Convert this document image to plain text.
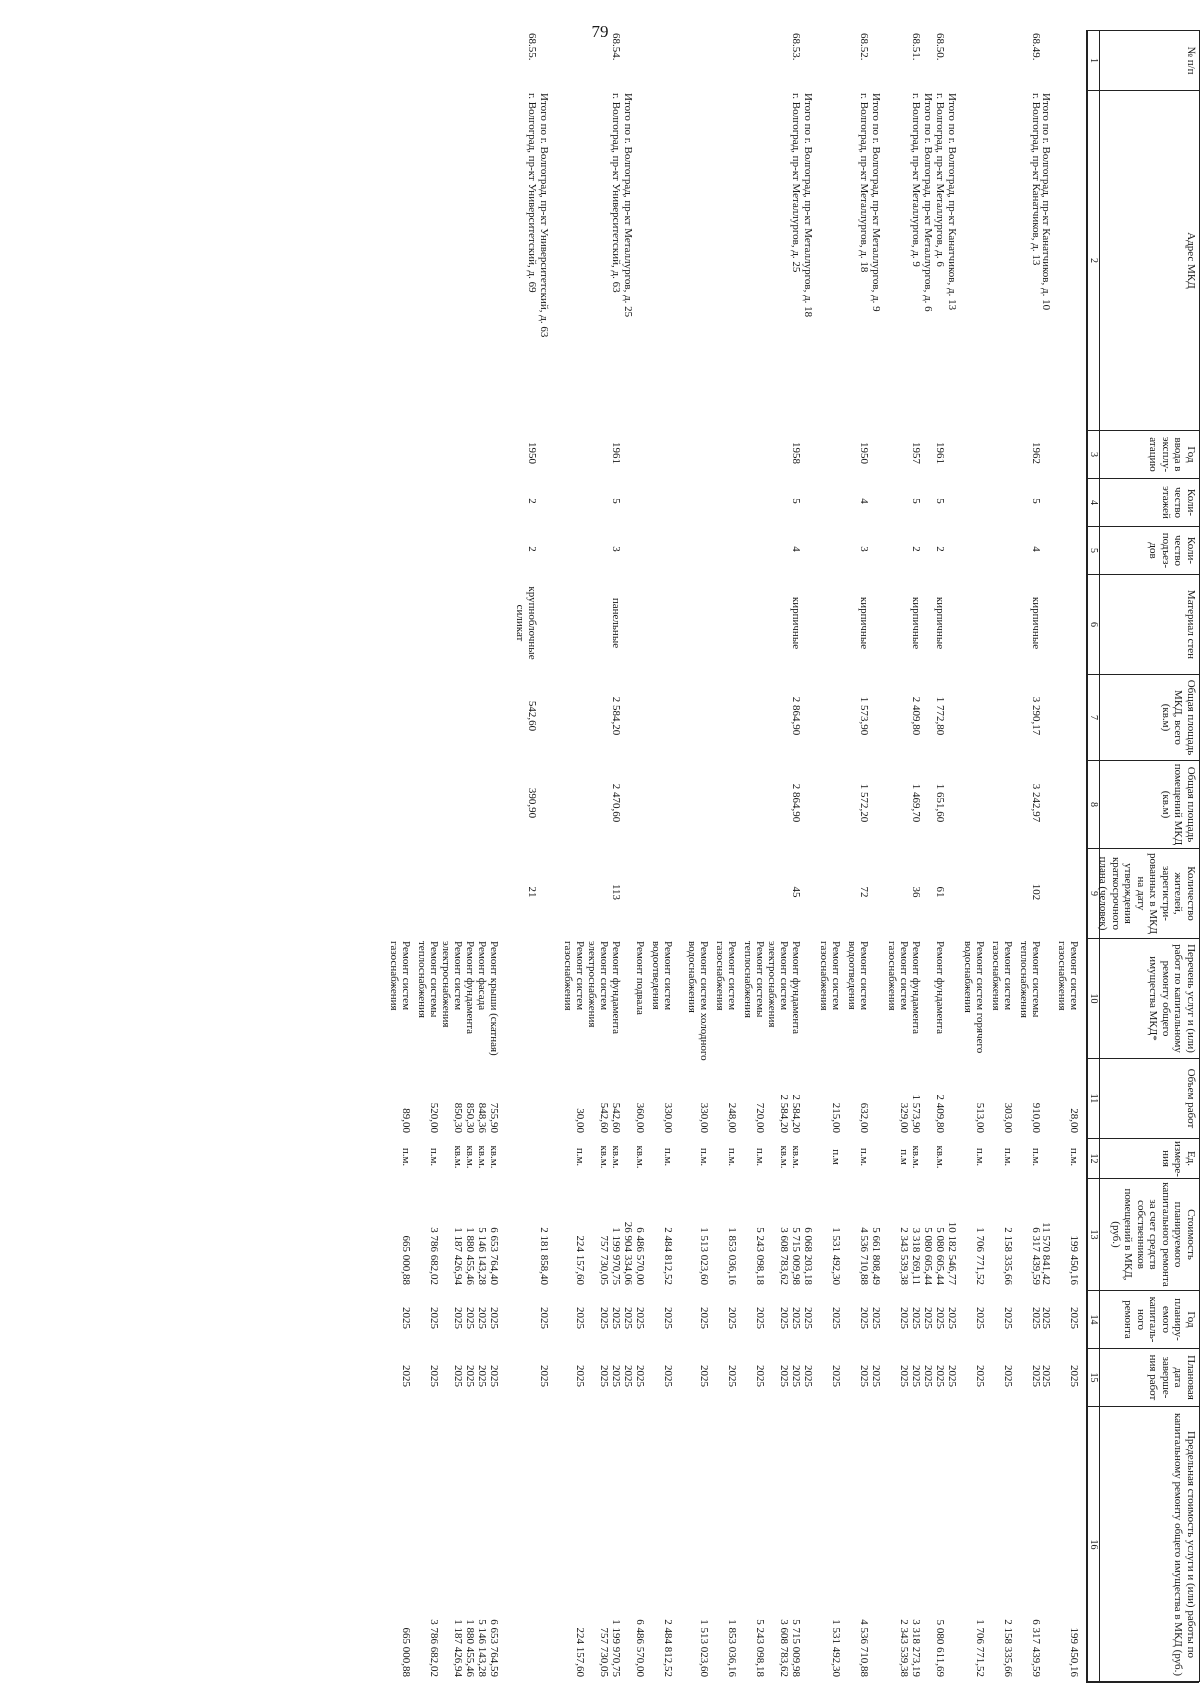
79
№ п/п
1
Адрес МКД
2
Год ввода в эксплу-атацию
3
Коли-чество этажей
4
Коли-чество подъез-дов
5
Материал стен
6
Общая площадь МКД, всего (кв.м)
7
Общая площадь помещений МКД (кв.м)
8
Количество жителей, зарегистри-рованных в МКД на дату утверждения краткосрочного плана (человек)
9
Перечень услуг и (или) работ по капитальному ремонту общего имущества МКД*
10
Объем работ
11
Ед. измере-ния
12
Стоимость планируемого капитального ремонта за счет средств собственников помещений в МКД, (руб.)
13
Год планиру-емого капиталь-ного ремонта
14
Плановая дата заверше-ния работ
15
Предельная стоимость услуги и (или) работы по капитальному ремонту общего имущества в МКД (руб.)
16
Ремонт систем
28,00
п.м.
199 450,16
2025
2025
199 450,16
газоснабжения
Итого по г. Волгоград, пр-кт Канатчиков, д. 10
11 570 841,42
2025
2025
68.49.
г. Волгоград, пр-кт Канатчиков, д. 13
1962
5
4
кирпичные
3 290,17
3 242,97
102
Ремонт системы
910,00
п.м.
6 317 439,59
2025
2025
6 317 439,59
теплоснабжения
Ремонт систем
303,00
п.м.
2 158 335,66
2025
2025
2 158 335,66
газоснабжения
Ремонт систем горячего
513,00
п.м.
1 706 771,52
2025
2025
1 706 771,52
водоснабжения
Итого по г. Волгоград, пр-кт Канатчиков, д. 13
10 182 546,77
2025
2025
68.50.
г. Волгоград, пр-кт Металлургов, д. 6
1961
5
2
кирпичные
1 772,80
1 651,60
61
Ремонт фундамента
2 409,80
кв.м.
5 080 605,44
2025
2025
5 080 611,69
Итого по г. Волгоград, пр-кт Металлургов, д. 6
5 080 605,44
2025
2025
68.51.
г. Волгоград, пр-кт Металлургов, д. 9
1957
5
2
кирпичные
2 409,80
1 469,70
36
Ремонт фундамента
1 573,90
кв.м.
3 318 269,11
2025
2025
3 318 273,19
Ремонт систем
329,00
п.м
2 343 539,38
2025
2025
2 343 539,38
газоснабжения
Итого по г. Волгоград, пр-кт Металлургов, д. 9
5 661 808,49
2025
2025
68.52.
г. Волгоград, пр-кт Металлургов, д. 18
1950
4
3
кирпичные
1 573,90
1 572,20
72
Ремонт систем
632,00
п.м.
4 536 710,88
2025
2025
4 536 710,88
водоотведения
Ремонт систем
215,00
п.м
1 531 492,30
2025
2025
1 531 492,30
газоснабжения
Итого по г. Волгоград, пр-кт Металлургов, д. 18
6 068 203,18
2025
2025
68.53.
г. Волгоград, пр-кт Металлургов, д. 25
1958
5
4
кирпичные
2 864,90
2 864,90
45
Ремонт фундамента
2 584,20
кв.м.
5 715 009,98
2025
2025
5 715 009,98
Ремонт систем
2 584,20
кв.м.
3 608 783,62
2025
2025
3 608 783,62
электроснабжения
Ремонт системы
720,00
п.м.
5 243 098,18
2025
2025
5 243 098,18
теплоснабжения
Ремонт систем
248,00
п.м.
1 853 036,16
2025
2025
1 853 036,16
газоснабжения
Ремонт систем холодного
330,00
п.м.
1 513 023,60
2025
2025
1 513 023,60
водоснабжения
Ремонт систем
330,00
п.м.
2 484 812,52
2025
2025
2 484 812,52
водоотведения
Ремонт подвала
360,00
кв.м.
6 486 570,00
2025
2025
6 486 570,00
Итого по г. Волгоград, пр-кт Металлургов, д. 25
26 904 334,06
2025
2025
68.54.
г. Волгоград, пр-кт Университетский, д. 63
1961
5
3
панельные
2 584,20
2 470,60
113
Ремонт фундамента
542,60
кв.м.
1 199 970,75
2025
2025
1 199 970,75
Ремонт систем
542,60
кв.м.
757 730,05
2025
2025
757 730,05
электроснабжения
Ремонт систем
30,00
п.м.
224 157,60
2025
2025
224 157,60
газоснабжения
Итого по г. Волгоград, пр-кт Университетский, д. 63
2 181 858,40
2025
2025
68.55.
г. Волгоград, пр-кт Университетский, д. 69
1950
2
2
крупноблочные
542,60
390,90
21
силикат
Ремонт крыши (скатная)
755,90
кв.м.
6 653 764,40
2025
2025
6 653 764,59
Ремонт фасада
848,36
кв.м.
5 146 143,28
2025
2025
5 146 143,28
Ремонт фундамента
850,30
кв.м.
1 880 455,46
2025
2025
1 880 455,46
Ремонт систем
850,30
кв.м.
1 187 426,94
2025
2025
1 187 426,94
электроснабжения
Ремонт системы
520,00
п.м.
3 786 682,02
2025
2025
3 786 682,02
теплоснабжения
Ремонт систем
89,00
п.м.
665 000,88
2025
2025
665 000,88
газоснабжения
